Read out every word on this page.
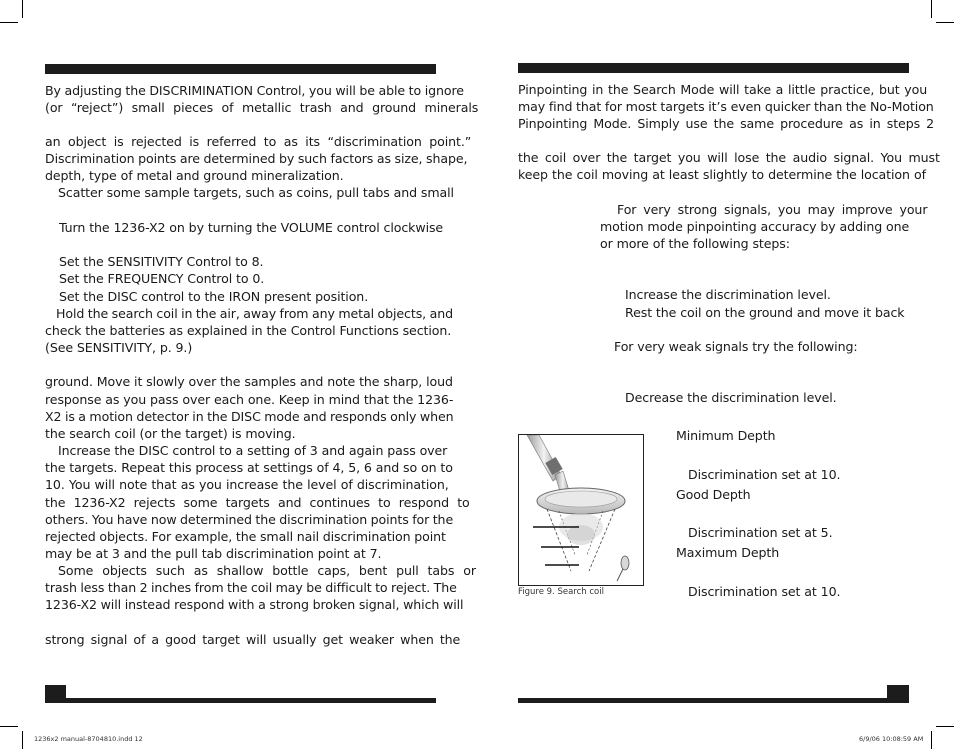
By adjusting the DISCRIMINATION Control, you will be able to ignore
(or “reject”) small pieces of metallic trash and ground minerals
an object is rejected is referred to as its “discrimination point.”
Discrimination points are determined by such factors as size, shape,
depth, type of metal and ground mineralization.
Scatter some sample targets, such as coins, pull tabs and small
Turn the 1236-X2 on by turning the VOLUME control clockwise
Set the SENSITIVITY Control to 8.
Set the FREQUENCY Control to 0.
Set the DISC control to the IRON present position.
Hold the search coil in the air, away from any metal objects, and
check the batteries as explained in the Control Functions section.
(See SENSITIVITY, p. 9.)
ground. Move it slowly over the samples and note the sharp, loud
response as you pass over each one. Keep in mind that the 1236-
X2 is a motion detector in the DISC mode and responds only when
the search coil (or the target) is moving.
Increase the DISC control to a setting of 3 and again pass over
the targets. Repeat this process at settings of 4, 5, 6 and so on to
10. You will note that as you increase the level of discrimination,
the 1236-X2 rejects some targets and continues to respond to
others. You have now determined the discrimination points for the
rejected objects. For example, the small nail discrimination point
may be at 3 and the pull tab discrimination point at 7.
Some objects such as shallow bottle caps, bent pull tabs or
trash less than 2 inches from the coil may be difficult to reject. The
1236-X2 will instead respond with a strong broken signal, which will
strong signal of a good target will usually get weaker when the
Pinpointing in the Search Mode will take a little practice, but you
may find that for most targets it’s even quicker than the No-Motion
Pinpointing Mode. Simply use the same procedure as in steps 2
the coil over the target you will lose the audio signal. You must
keep the coil moving at least slightly to determine the location of
For very strong signals, you may improve your
motion mode pinpointing accuracy by adding one
or more of the following steps:
Increase the discrimination level.
Rest the coil on the ground and move it back
For very weak signals try the following:
Decrease the discrimination level.
Minimum Depth
Discrimination set at 10.
Good Depth
Discrimination set at 5.
Maximum Depth
Discrimination set at 10.
Figure 9. Search coil
1236x2 manual-8704810.indd 12	6/9/06 10:08:59 AM
